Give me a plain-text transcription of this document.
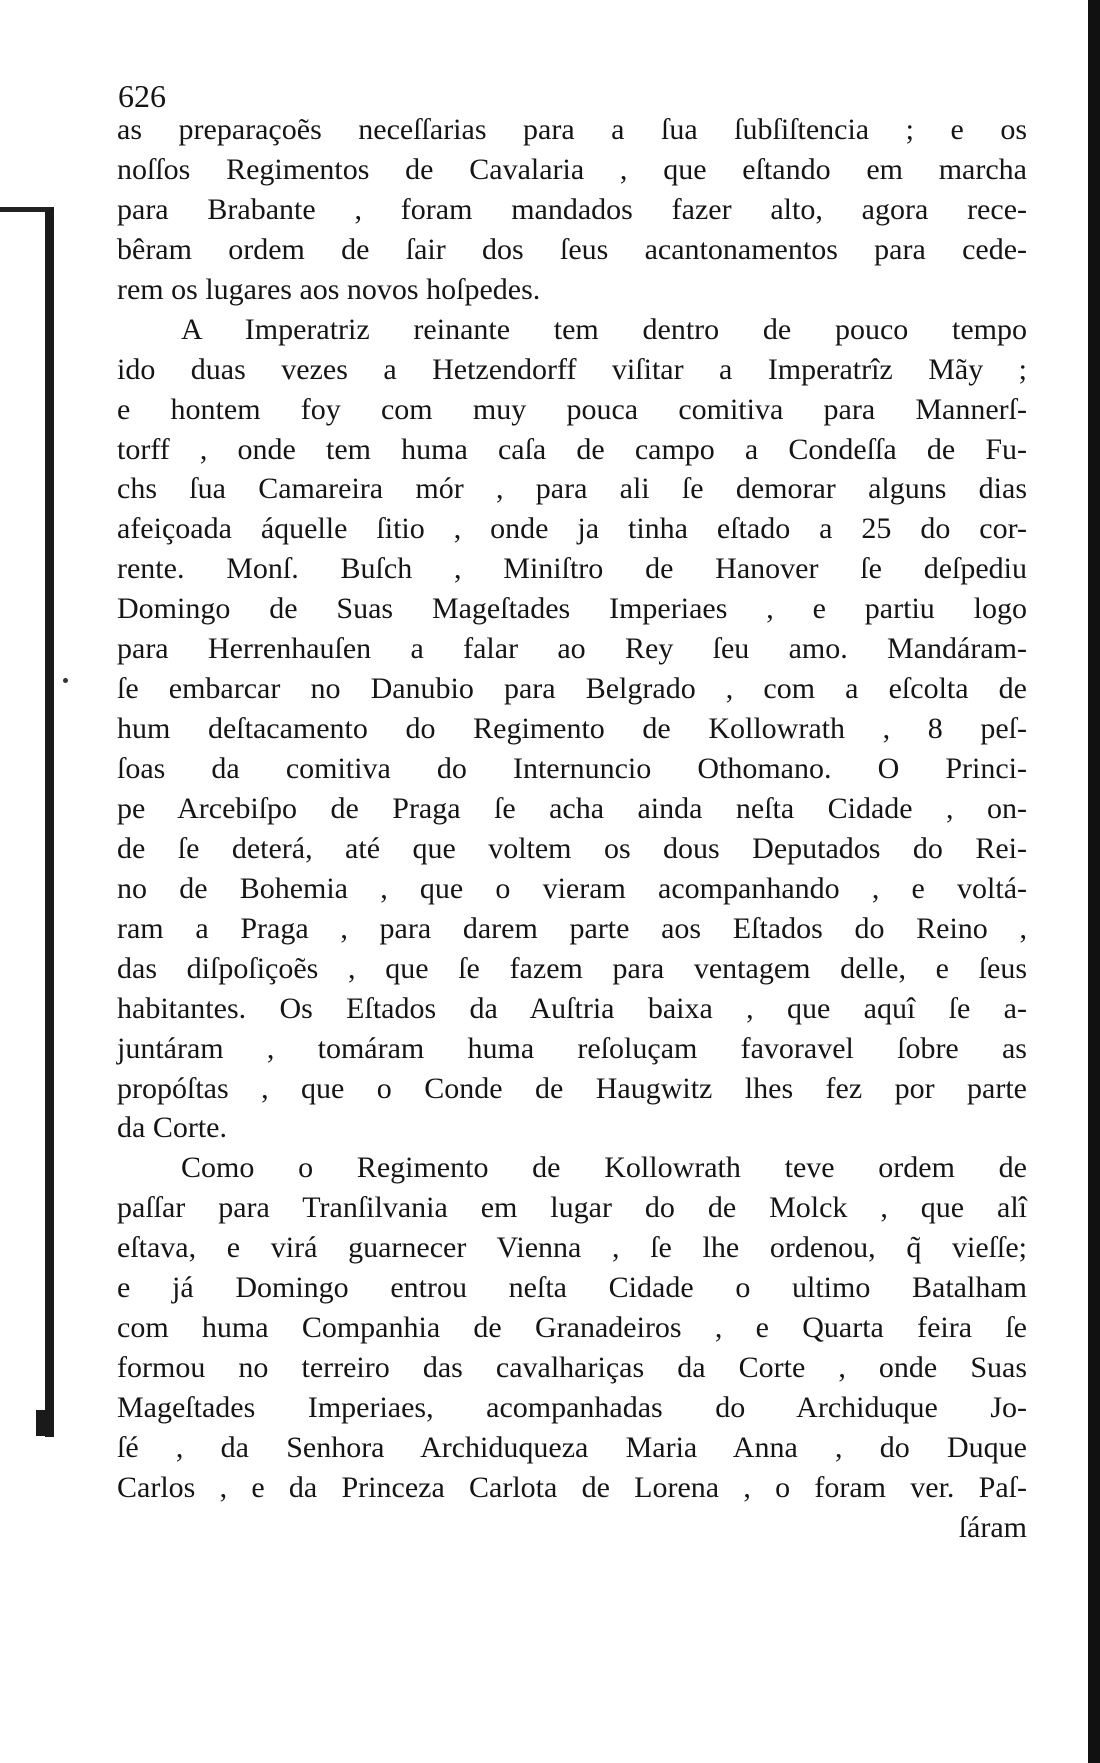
626
as preparaçoẽs neceſſarias para a ſua ſubſiſtencia ; e os
noſſos Regimentos de Cavalaria , que eſtando em marcha
para Brabante , foram mandados fazer alto, agora rece-
bêram ordem de ſair dos ſeus acantonamentos para cede-
rem os lugares aos novos hoſpedes.
A Imperatriz reinante tem dentro de pouco tempo
ido duas vezes a Hetzendorff viſitar a Imperatrîz Mãy ;
e hontem foy com muy pouca comitiva para Mannerſ-
torff , onde tem huma caſa de campo a Condeſſa de Fu-
chs ſua Camareira mór , para ali ſe demorar alguns dias
afeiçoada áquelle ſitio , onde ja tinha eſtado a 25 do cor-
rente. Monſ. Buſch , Miniſtro de Hanover ſe deſpediu
Domingo de Suas Mageſtades Imperiaes , e partiu logo
para Herrenhauſen a falar ao Rey ſeu amo. Mandáram-
ſe embarcar no Danubio para Belgrado , com a eſcolta de
hum deſtacamento do Regimento de Kollowrath , 8 peſ-
ſoas da comitiva do Internuncio Othomano. O Princi-
pe Arcebiſpo de Praga ſe acha ainda neſta Cidade , on-
de ſe deterá, até que voltem os dous Deputados do Rei-
no de Bohemia , que o vieram acompanhando , e voltá-
ram a Praga , para darem parte aos Eſtados do Reino ,
das diſpoſiçoẽs , que ſe fazem para ventagem delle, e ſeus
habitantes. Os Eſtados da Auſtria baixa , que aquî ſe a-
juntáram , tomáram huma reſoluçam favoravel ſobre as
propóſtas , que o Conde de Haugwitz lhes fez por parte
da Corte.
Como o Regimento de Kollowrath teve ordem de
paſſar para Tranſilvania em lugar do de Molck , que alî
eſtava, e virá guarnecer Vienna , ſe lhe ordenou, q̃ vieſſe;
e já Domingo entrou neſta Cidade o ultimo Batalham
com huma Companhia de Granadeiros , e Quarta feira ſe
formou no terreiro das cavalhariças da Corte , onde Suas
Mageſtades Imperiaes, acompanhadas do Archiduque Jo-
ſé , da Senhora Archiduqueza Maria Anna , do Duque
Carlos , e da Princeza Carlota de Lorena , o foram ver. Paſ-
ſáram
